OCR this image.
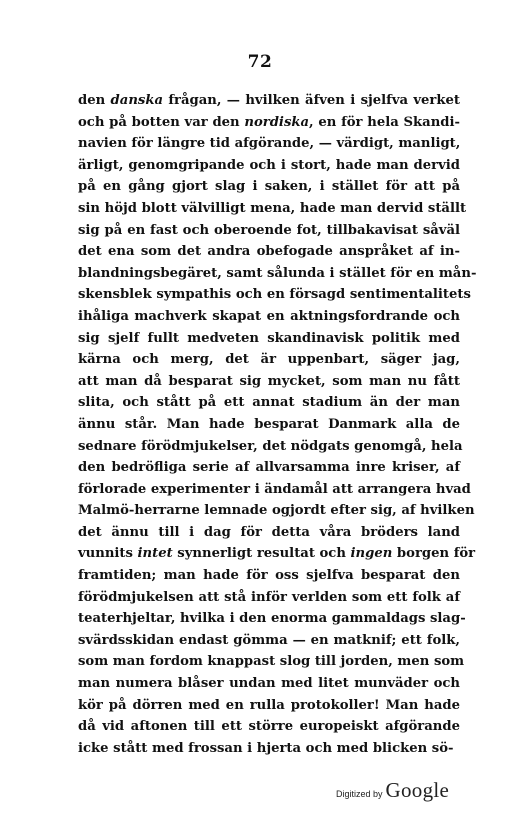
72
den danska frågan, — hvilken äfven i sjelfva verket
och på botten var den nordiska, en för hela Skandi-
navien för längre tid afgörande, — värdigt, manligt,
ärligt, genomgripande och i stort, hade man dervid
på en gång gjort slag i saken, i stället för att på
sin höjd blott välvilligt mena, hade man dervid ställt
sig på en fast och oberoende fot, tillbakavisat såväl
det ena som det andra obefogade anspråket af in-
blandningsbegäret, samt sålunda i stället för en mån-
skensblek sympathis och en försagd sentimentalitets
ihåliga machverk skapat en aktningsfordrande och
sig sjelf fullt medveten skandinavisk politik med
kärna och merg, det är uppenbart, säger jag,
att man då besparat sig mycket, som man nu fått
slita, och stått på ett annat stadium än der man
ännu står. Man hade besparat Danmark alla de
sednare förödmjukelser, det nödgats genomgå, hela
den bedröfliga serie af allvarsamma inre kriser, af
förlorade experimenter i ändamål att arrangera hvad
Malmö-herrarne lemnade ogjordt efter sig, af hvilken
det ännu till i dag för detta våra bröders land
vunnits intet synnerligt resultat och ingen borgen för
framtiden; man hade för oss sjelfva besparat den
förödmjukelsen att stå inför verlden som ett folk af
teaterhjeltar, hvilka i den enorma gammaldags slag-
svärdsskidan endast gömma — en matknif; ett folk,
som man fordom knappast slog till jorden, men som
man numera blåser undan med litet munväder och
kör på dörren med en rulla protokoller! Man hade
då vid aftonen till ett större europeiskt afgörande
icke stått med frossan i hjerta och med blicken sö-
Digitized by Google
